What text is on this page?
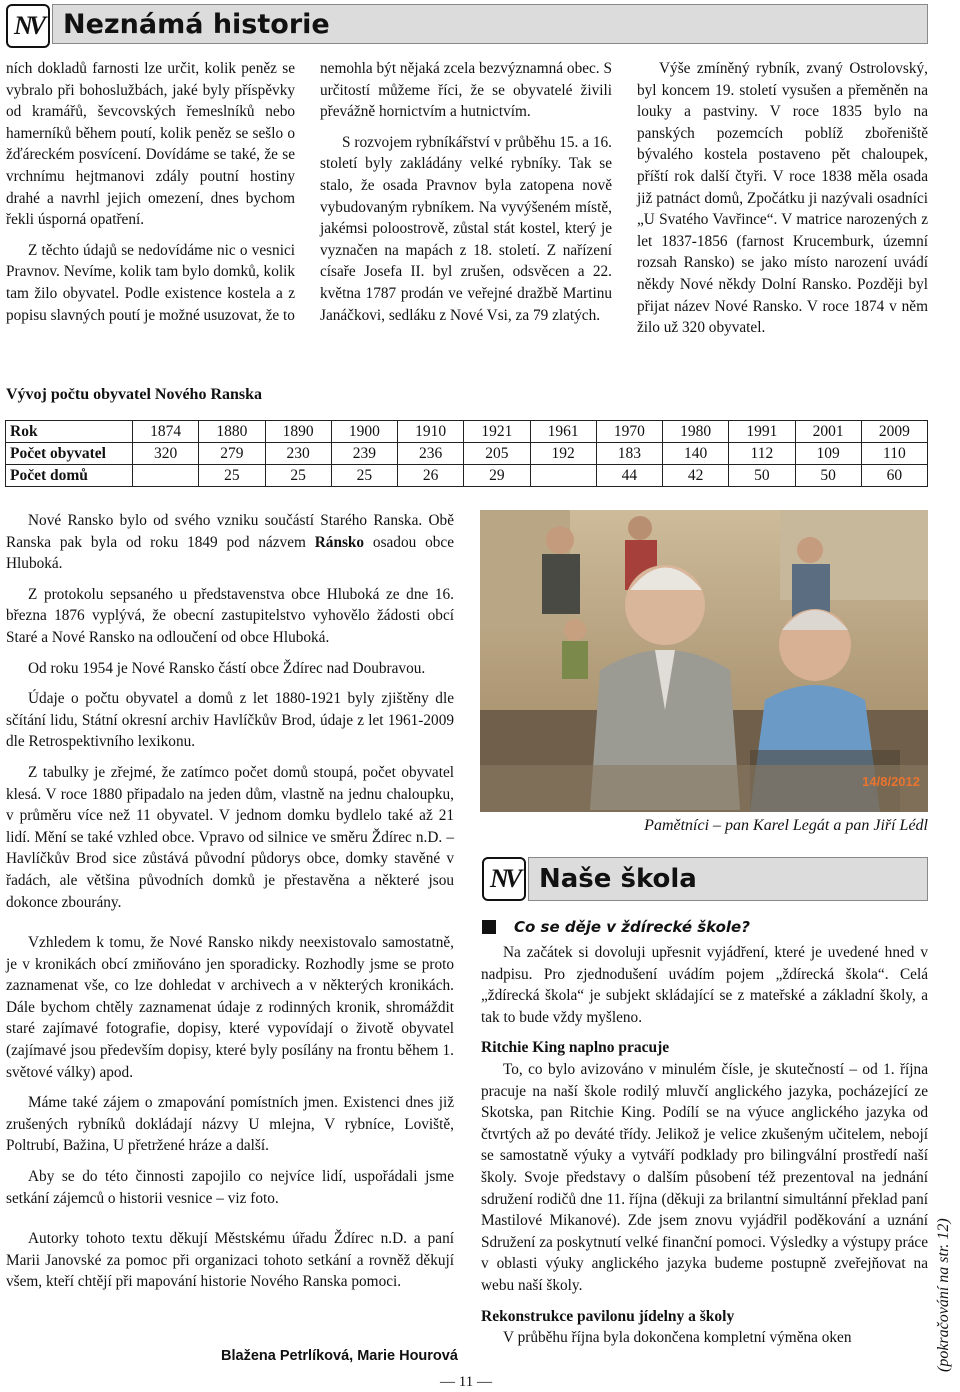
NV Neznámá historie

ních dokladů farnosti lze určit, kolik peněz se vybralo při bohoslužbách, jaké byly příspěvky od kramářů, ševcovských řemeslníků nebo hamerníků během poutí, kolik peněz se sešlo o žďáreckém posvícení. Dovídáme se také, že se vrchnímu hejtmanovi zdály poutní hostiny drahé a navrhl jejich omezení, dnes bychom řekli úsporná opatření.

Z těchto údajů se nedovídáme nic o vesnici Pravnov. Nevíme, kolik tam bylo domků, kolik tam žilo obyvatel. Podle existence kostela a z popisu slavných poutí je možné usuzovat, že to

nemohla být nějaká zcela bezvýznamná obec. S určitostí můžeme říci, že se obyvatelé živili převážně hornictvím a hutnictvím.

S rozvojem rybníkářství v průběhu 15. a 16. století byly zakládány velké rybníky. Tak se stalo, že osada Pravnov byla zatopena nově vybudovaným rybníkem. Na vyvýšeném místě, jakémsi poloostrově, zůstal stát kostel, který je vyznačen na mapách z 18. století. Z nařízení císaře Josefa II. byl zrušen, odsvěcen a 22. května 1787 prodán ve veřejné dražbě Martinu Janáčkovi, sedláku z Nové Vsi, za 79 zlatých.

Výše zmíněný rybník, zvaný Ostrolovský, byl koncem 19. století vysušen a přeměněn na louky a pastviny. V roce 1835 bylo na panských pozemcích poblíž zbořeniště bývalého kostela postaveno pět chaloupek, příští rok další čtyři. V roce 1838 měla osada již patnáct domů, Zpočátku ji nazývali osadníci „U Svatého Vavřince“. V matrice narozených z let 1837-1856 (farnost Krucemburk, územní rozsah Ransko) se jako místo narození uvádí někdy Nové někdy Dolní Ransko. Později byl přijat název Nové Ransko. V roce 1874 v něm žilo už 320 obyvatel.

Vývoj počtu obyvatel Nového Ranska
Rok	1874	1880	1890	1900	1910	1921	1961	1970	1980	1991	2001	2009
Počet obyvatel	320	279	230	239	236	205	192	183	140	112	109	110
Počet domů		25	25	25	26	29		44	42	50	50	60

Nové Ransko bylo od svého vzniku součástí Starého Ranska. Obě Ranska pak byla od roku 1849 pod názvem Ránsko osadou obce Hluboká.

Z protokolu sepsaného u představenstva obce Hluboká ze dne 16. března 1876 vyplývá, že obecní zastupitelstvo vyhovělo žádosti obcí Staré a Nové Ransko na odloučení od obce Hluboká.

Od roku 1954 je Nové Ransko částí obce Ždírec nad Doubravou.

Údaje o počtu obyvatel a domů z let 1880-1921 byly zjištěny dle sčítání lidu, Státní okresní archiv Havlíčkův Brod, údaje z let 1961-2009 dle Retrospektivního lexikonu.

Z tabulky je zřejmé, že zatímco počet domů stoupá, počet obyvatel klesá. V roce 1880 připadalo na jeden dům, vlastně na jednu chaloupku, v průměru více než 11 obyvatel. V jednom domku bydlelo také až 21 lidí. Mění se také vzhled obce. Vpravo od silnice ve směru Ždírec n.D. – Havlíčkův Brod sice zůstává původní půdorys obce, domky stavěné v řadách, ale většina původních domků je přestavěna a některé jsou dokonce zbourány.

Vzhledem k tomu, že Nové Ransko nikdy neexistovalo samostatně, je v kronikách obcí zmiňováno jen sporadicky. Rozhodly jsme se proto zaznamenat vše, co lze dohledat v archivech a v některých kronikách. Dále bychom chtěly zaznamenat údaje z rodinných kronik, shromáždit staré zajímavé fotografie, dopisy, které vypovídají o životě obyvatel (zajímavé jsou především dopisy, které byly posílány na frontu během 1. světové války) apod.

Máme také zájem o zmapování pomístních jmen. Existenci dnes již zrušených rybníků dokládají názvy U mlejna, V rybníce, Loviště, Poltrubí, Bažina, U přetržené hráze a další.

Aby se do této činnosti zapojilo co nejvíce lidí, uspořádali jsme setkání zájemců o historii vesnice – viz foto.

Autorky tohoto textu děkují Městskému úřadu Ždírec n.D. a paní Marii Janovské za pomoc při organizaci tohoto setkání a rovněž děkují všem, kteří chtějí při mapování historie Nového Ranska pomoci.

Blažena Petrlíková, Marie Hourová
14/8/2012
Pamětníci – pan Karel Legát a pan Jiří Lédl
NV Naše škola
Co se děje v ždírecké škole?

Na začátek si dovoluji upřesnit vyjádření, které je uvedené hned v nadpisu. Pro zjednodušení uvádím pojem „ždírecká škola“. Celá „ždírecká škola“ je subjekt skládající se z mateřské a základní školy, a tak to bude vždy myšleno.

Ritchie King naplno pracuje

To, co bylo avizováno v minulém čísle, je skutečností – od 1. října pracuje na naší škole rodilý mluvčí anglického jazyka, pocházející ze Skotska, pan Ritchie King. Podílí se na výuce anglického jazyka od čtvrtých až po deváté třídy. Jelikož je velice zkušeným učitelem, nebojí se samostatně výuky a vytváří podklady pro bilingvální prostředí naší školy. Svoje představy o dalším působení též prezentoval na jednání sdružení rodičů dne 11. října (děkuji za brilantní simultánní překlad paní Mastilové Mikanové). Zde jsem znovu vyjádřil poděkování a uznání Sdružení za poskytnutí velké finanční pomoci. Výsledky a výstupy práce v oblasti výuky anglického jazyka budeme postupně zveřejňovat na webu naší školy.

Rekonstrukce pavilonu jídelny a školy

V průběhu října byla dokončena kompletní výměna oken

— 11 —
(pokračování na str. 12)
